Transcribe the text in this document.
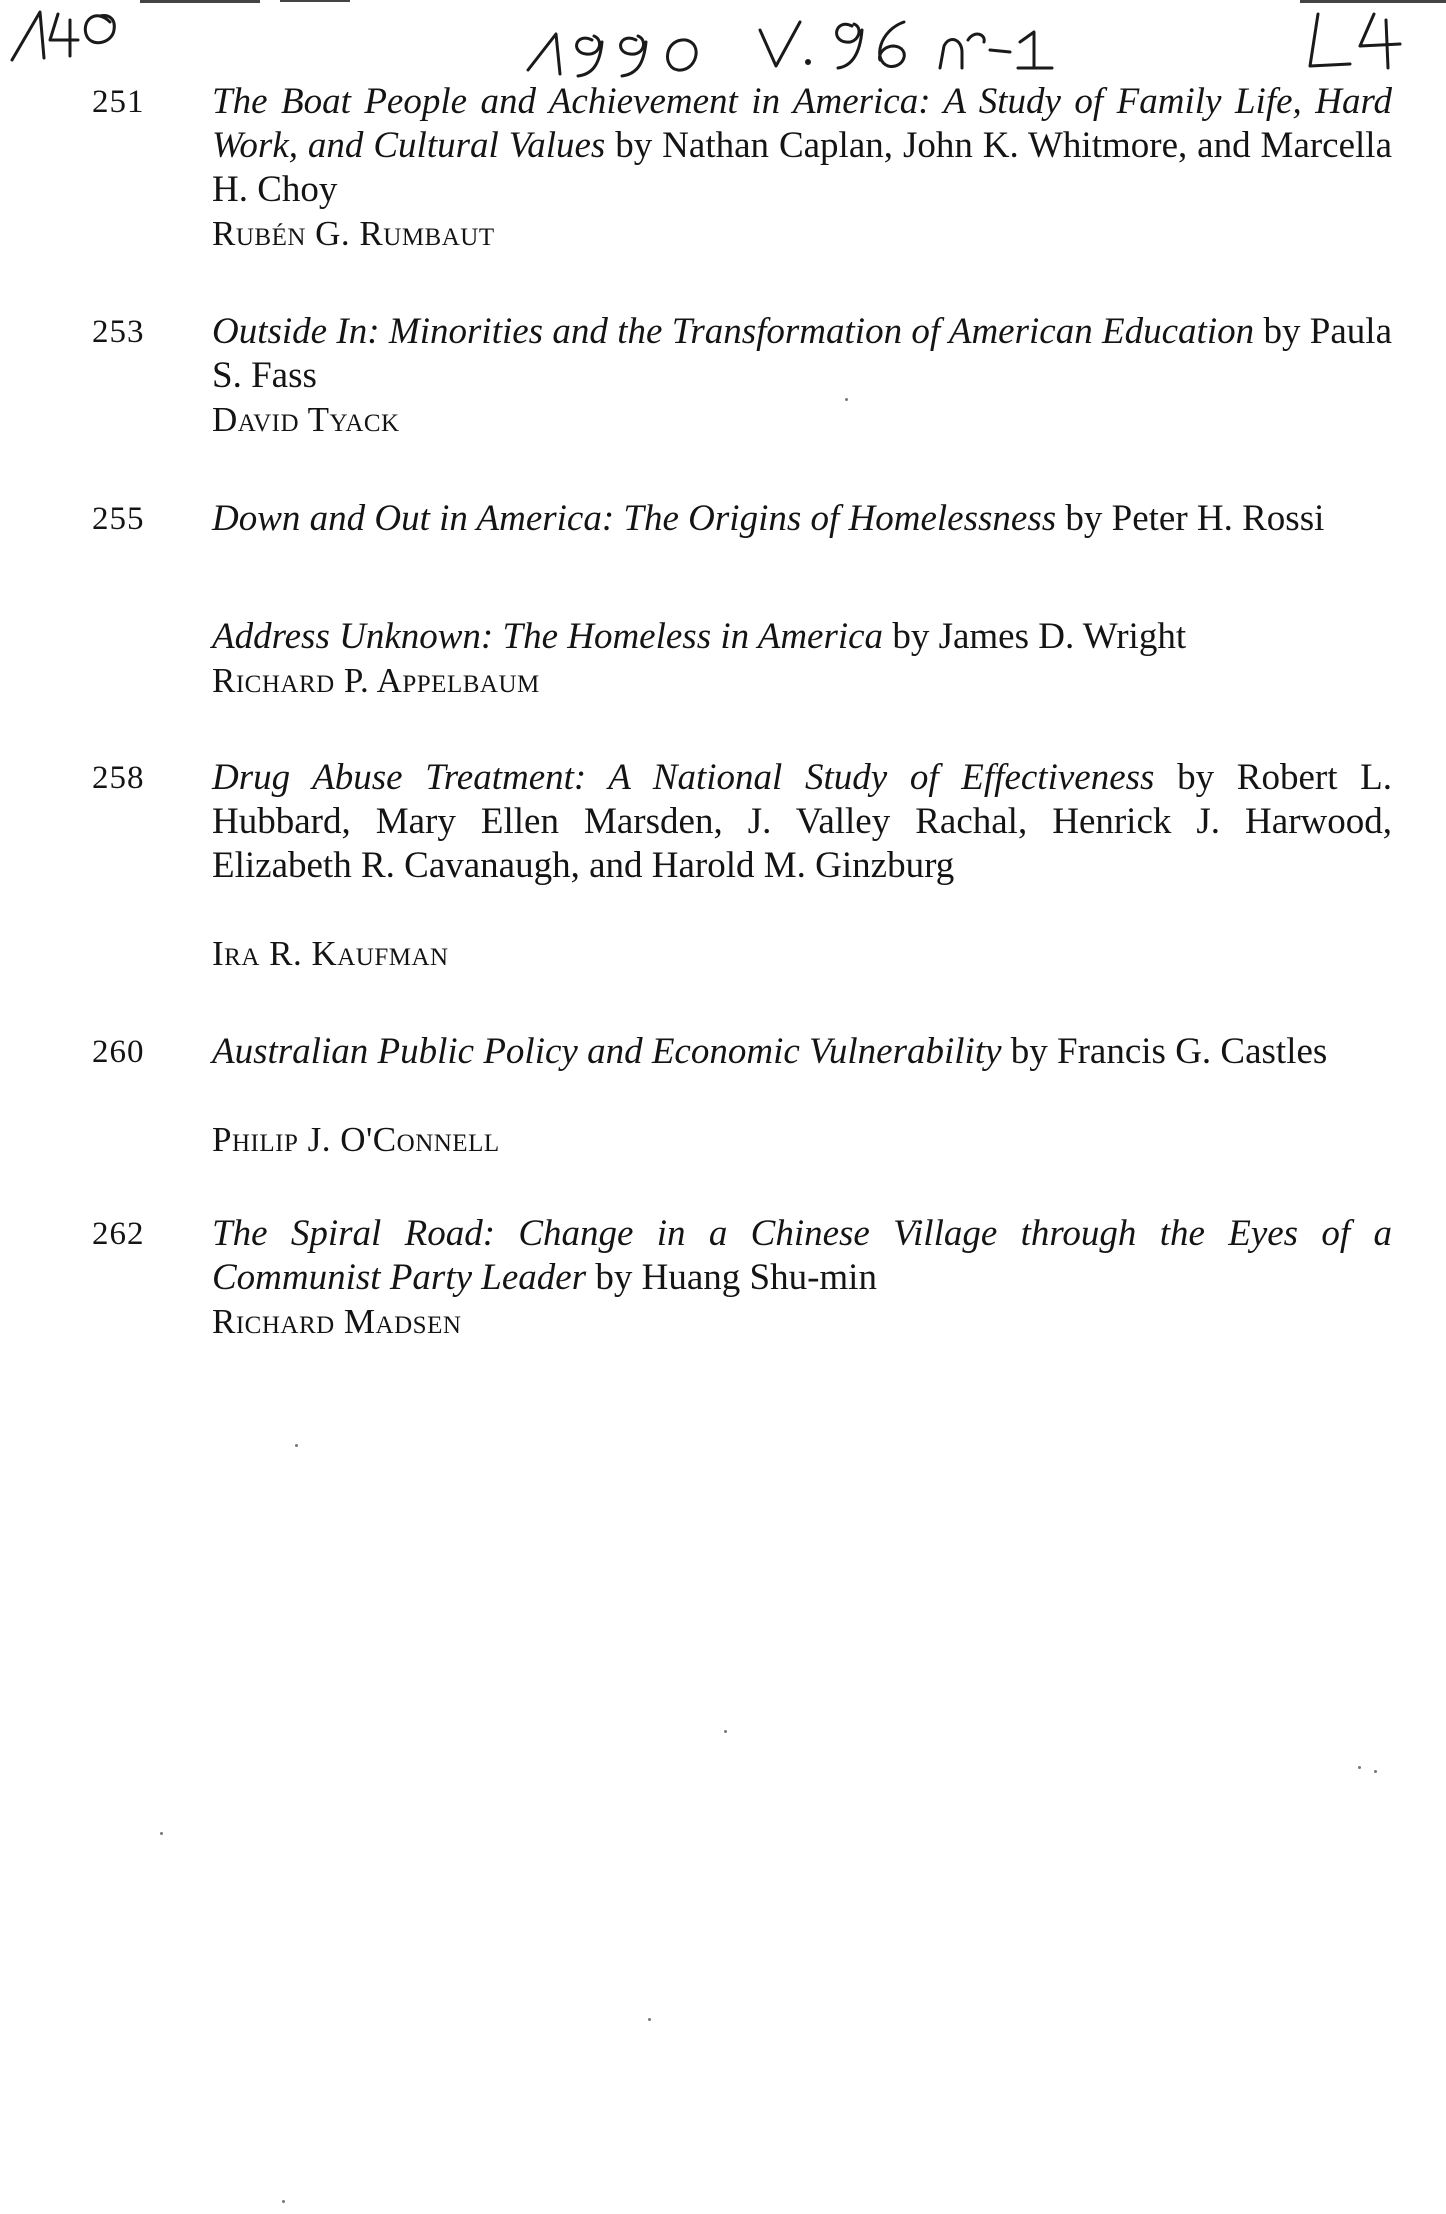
251 The Boat People and Achievement in America: A Study of Family Life, Hard Work, and Cultural Values by Nathan Caplan, John K. Whitmore, and Marcella H. Choy
Rubén G. Rumbaut
253 Outside In: Minorities and the Transformation of American Education by Paula S. Fass
David Tyack
255 Down and Out in America: The Origins of Homelessness by Peter H. Rossi
Address Unknown: The Homeless in America by James D. Wright
Richard P. Appelbaum
258 Drug Abuse Treatment: A National Study of Effectiveness by Robert L. Hubbard, Mary Ellen Marsden, J. Valley Rachal, Henrick J. Harwood, Elizabeth R. Cavanaugh, and Harold M. Ginzburg
Ira R. Kaufman
260 Australian Public Policy and Economic Vulnerability by Francis G. Castles
Philip J. O'Connell
262 The Spiral Road: Change in a Chinese Village through the Eyes of a Communist Party Leader by Huang Shu-min
Richard Madsen
